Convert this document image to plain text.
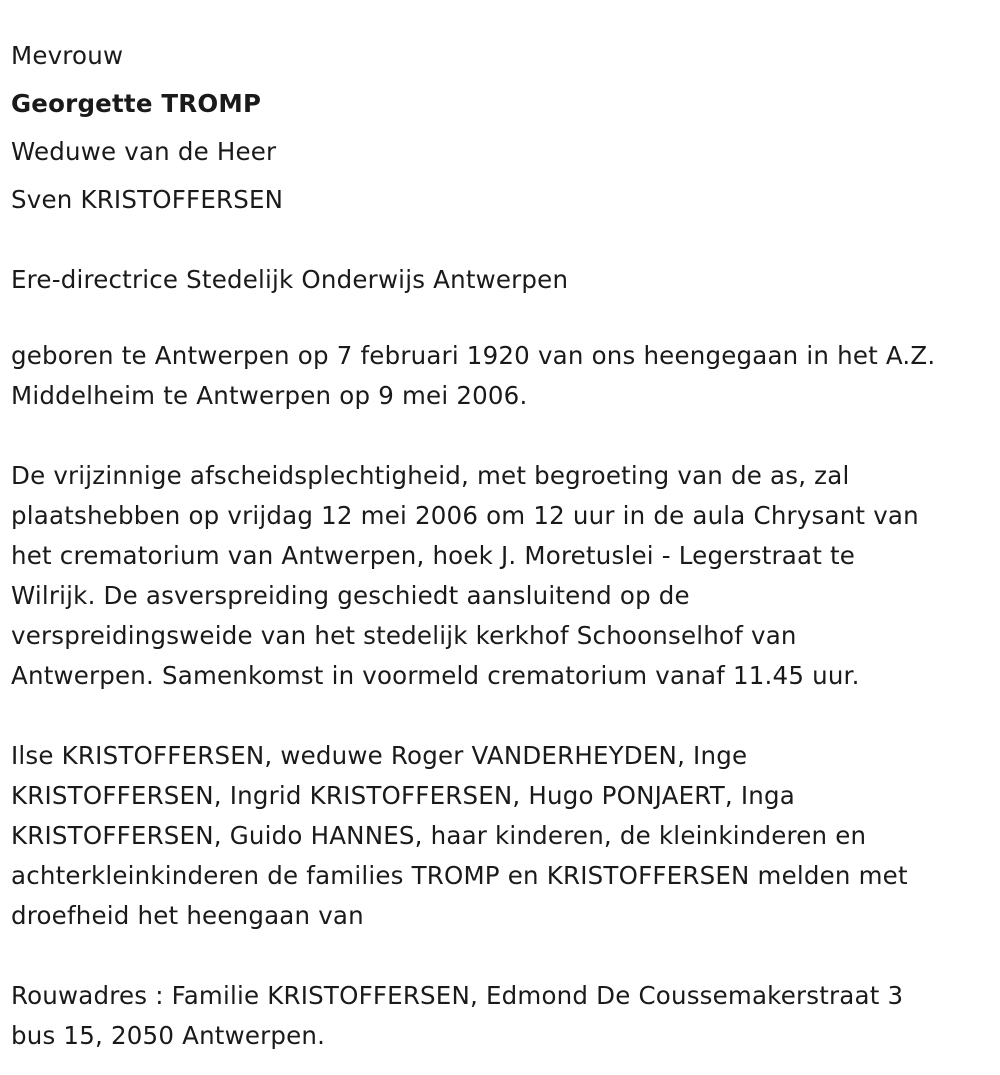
Mevrouw

Georgette TROMP

Weduwe van de Heer

Sven KRISTOFFERSEN

Ere-directrice Stedelijk Onderwijs Antwerpen

geboren te Antwerpen op 7 februari 1920 van ons heengegaan in het A.Z.

Middelheim te Antwerpen op 9 mei 2006.

De vrijzinnige afscheidsplechtigheid, met begroeting van de as, zal

plaatshebben op vrijdag 12 mei 2006 om 12 uur in de aula Chrysant van

het crematorium van Antwerpen, hoek J. Moretuslei - Legerstraat te

Wilrijk. De asverspreiding geschiedt aansluitend op de

verspreidingsweide van het stedelijk kerkhof Schoonselhof van

Antwerpen. Samenkomst in voormeld crematorium vanaf 11.45 uur.

Ilse KRISTOFFERSEN, weduwe Roger VANDERHEYDEN, Inge

KRISTOFFERSEN, Ingrid KRISTOFFERSEN, Hugo PONJAERT, Inga

KRISTOFFERSEN, Guido HANNES, haar kinderen, de kleinkinderen en

achterkleinkinderen de families TROMP en KRISTOFFERSEN melden met

droefheid het heengaan van

Rouwadres : Familie KRISTOFFERSEN, Edmond De Coussemakerstraat 3

bus 15, 2050 Antwerpen.
